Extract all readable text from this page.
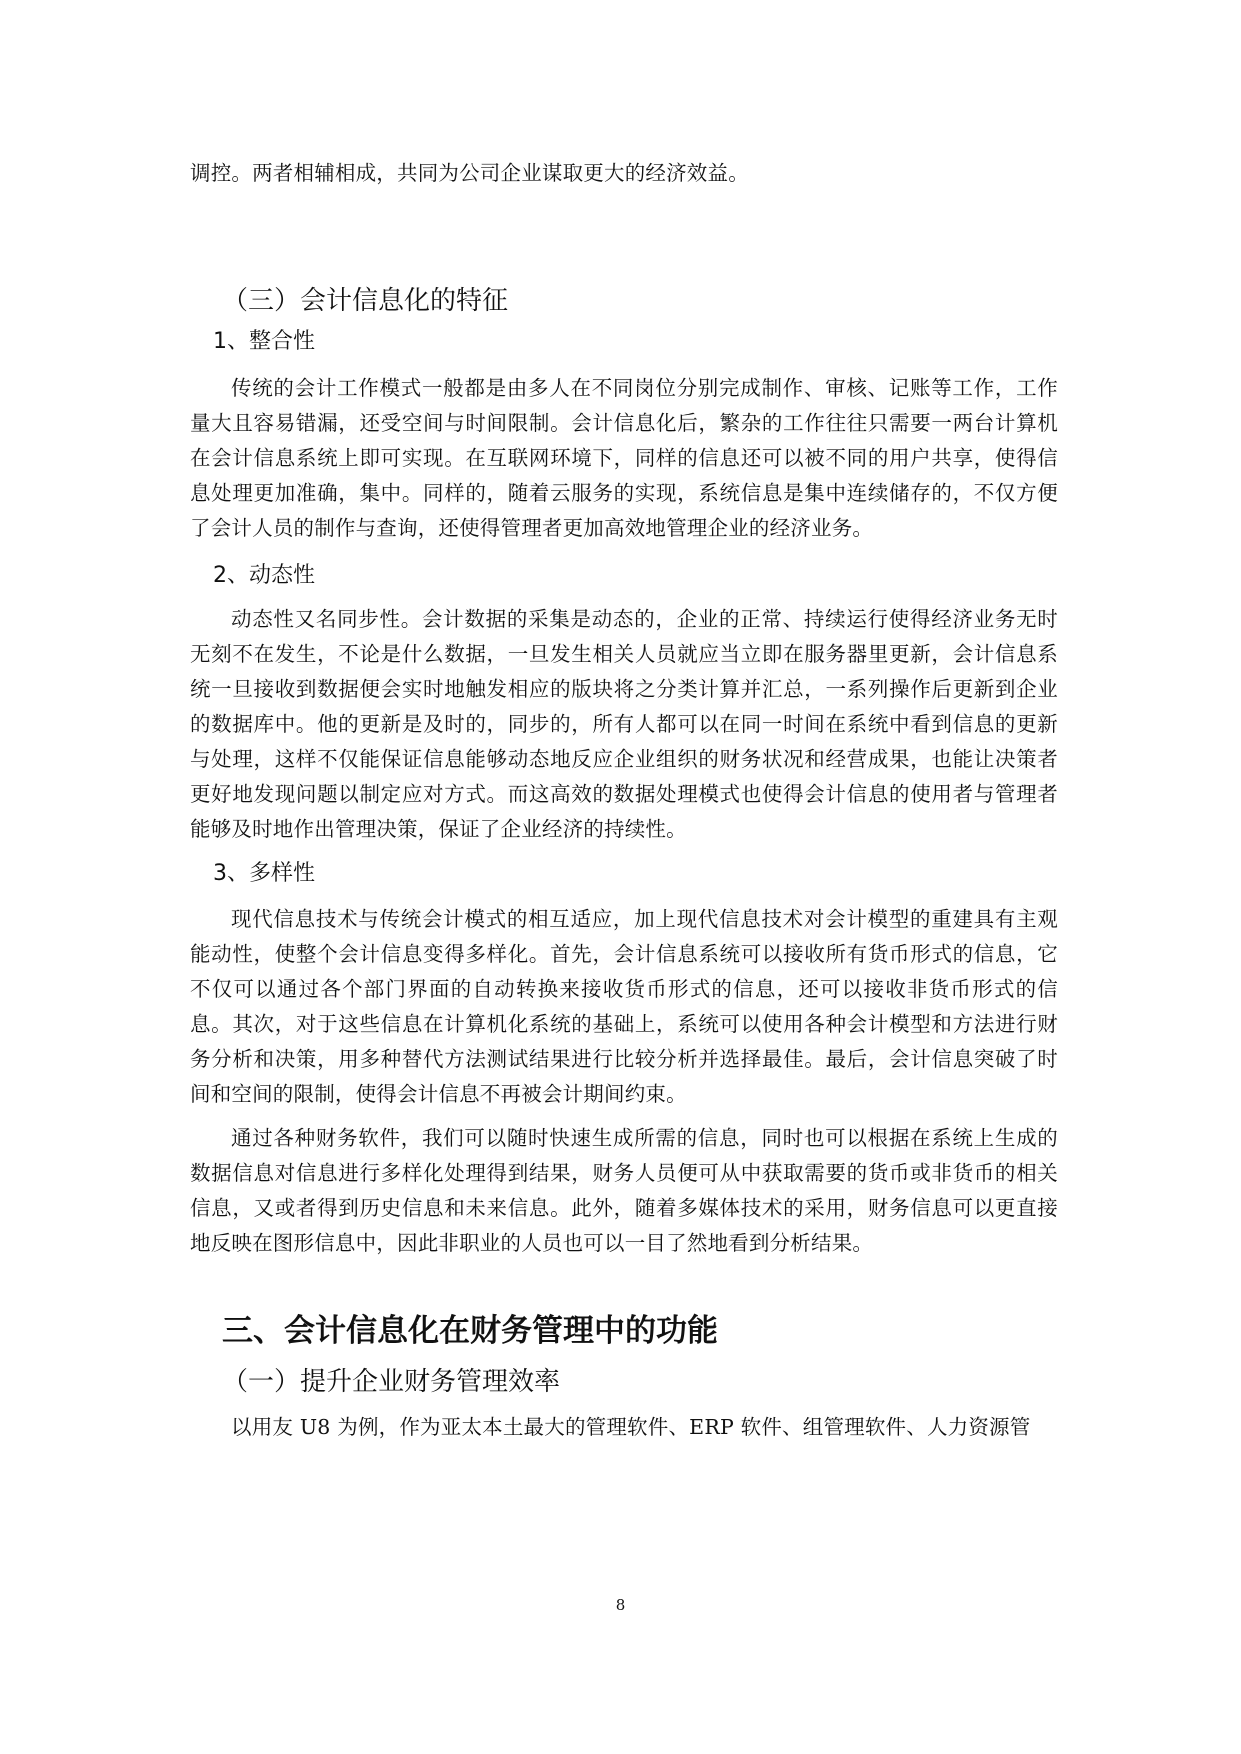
调控。两者相辅相成，共同为公司企业谋取更大的经济效益。
（三）会计信息化的特征
1、整合性
传统的会计工作模式一般都是由多人在不同岗位分别完成制作、审核、记账等工作，工作量大且容易错漏，还受空间与时间限制。会计信息化后，繁杂的工作往往只需要一两台计算机在会计信息系统上即可实现。在互联网环境下，同样的信息还可以被不同的用户共享，使得信息处理更加准确，集中。同样的，随着云服务的实现，系统信息是集中连续储存的，不仅方便了会计人员的制作与查询，还使得管理者更加高效地管理企业的经济业务。
2、动态性
动态性又名同步性。会计数据的采集是动态的，企业的正常、持续运行使得经济业务无时无刻不在发生，不论是什么数据，一旦发生相关人员就应当立即在服务器里更新，会计信息系统一旦接收到数据便会实时地触发相应的版块将之分类计算并汇总，一系列操作后更新到企业的数据库中。他的更新是及时的，同步的，所有人都可以在同一时间在系统中看到信息的更新与处理，这样不仅能保证信息能够动态地反应企业组织的财务状况和经营成果，也能让决策者更好地发现问题以制定应对方式。而这高效的数据处理模式也使得会计信息的使用者与管理者能够及时地作出管理决策，保证了企业经济的持续性。
3、多样性
现代信息技术与传统会计模式的相互适应，加上现代信息技术对会计模型的重建具有主观能动性，使整个会计信息变得多样化。首先，会计信息系统可以接收所有货币形式的信息，它不仅可以通过各个部门界面的自动转换来接收货币形式的信息，还可以接收非货币形式的信息。其次，对于这些信息在计算机化系统的基础上，系统可以使用各种会计模型和方法进行财务分析和决策，用多种替代方法测试结果进行比较分析并选择最佳。最后，会计信息突破了时间和空间的限制，使得会计信息不再被会计期间约束。
通过各种财务软件，我们可以随时快速生成所需的信息，同时也可以根据在系统上生成的数据信息对信息进行多样化处理得到结果，财务人员便可从中获取需要的货币或非货币的相关信息，又或者得到历史信息和未来信息。此外，随着多媒体技术的采用，财务信息可以更直接地反映在图形信息中，因此非职业的人员也可以一目了然地看到分析结果。
三、会计信息化在财务管理中的功能
（一）提升企业财务管理效率
以用友 U8 为例，作为亚太本土最大的管理软件、ERP 软件、组管理软件、人力资源管
8
